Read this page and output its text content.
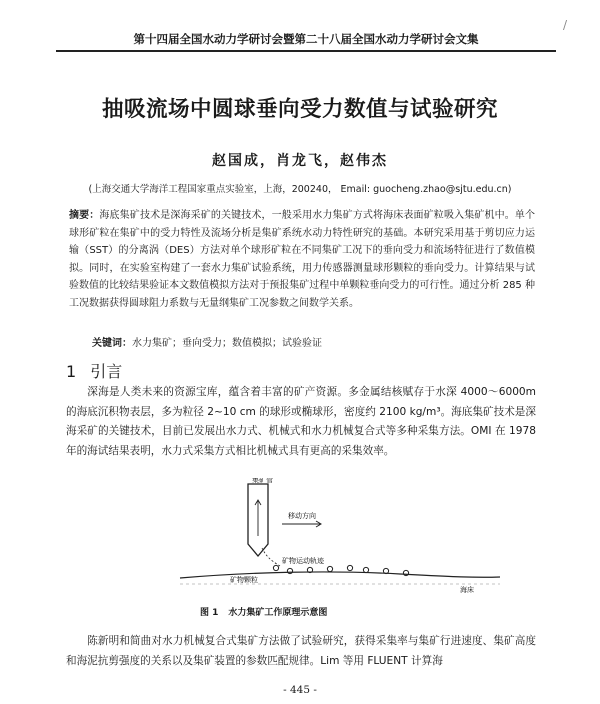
/
第十四届全国水动力学研讨会暨第二十八届全国水动力学研讨会文集
抽吸流场中圆球垂向受力数值与试验研究
赵国成，肖龙飞，赵伟杰
(上海交通大学海洋工程国家重点实验室，上海，200240， Email: guocheng.zhao@sjtu.edu.cn)
摘要：海底集矿技术是深海采矿的关键技术，一般采用水力集矿方式将海床表面矿粒吸入集矿机中。单个球形矿粒在集矿中的受力特性及流场分析是集矿系统水动力特性研究的基础。本研究采用基于剪切应力运输（SST）的分离涡（DES）方法对单个球形矿粒在不同集矿工况下的垂向受力和流场特征进行了数值模拟。同时，在实验室构建了一套水力集矿试验系统，用力传感器测量球形颗粒的垂向受力。计算结果与试验数值的比较结果验证本文数值模拟方法对于预报集矿过程中单颗粒垂向受力的可行性。通过分析 285 种工况数据获得圆球阻力系数与无量纲集矿工况参数之间数学关系。
关键词：水力集矿；垂向受力；数值模拟；试验验证
1 引言
深海是人类未来的资源宝库，蕴含着丰富的矿产资源。多金属结核赋存于水深 4000～6000m 的海底沉积物表层，多为粒径 2~10 cm 的球形或椭球形，密度约 2100 kg/m³。海底集矿技术是深海采矿的关键技术，目前已发展出水力式、机械式和水力机械复合式等多种采集方法。OMI 在 1978 年的海试结果表明，水力式采集方式相比机械式具有更高的采集效率。
集矿管
移动方向
矿物运动轨迹
矿物颗粒
海床
图 1 水力集矿工作原理示意图
陈新明和简曲对水力机械复合式集矿方法做了试验研究，获得采集率与集矿行进速度、集矿高度和海泥抗剪强度的关系以及集矿装置的参数匹配规律。Lim 等用 FLUENT 计算海
- 445 -
